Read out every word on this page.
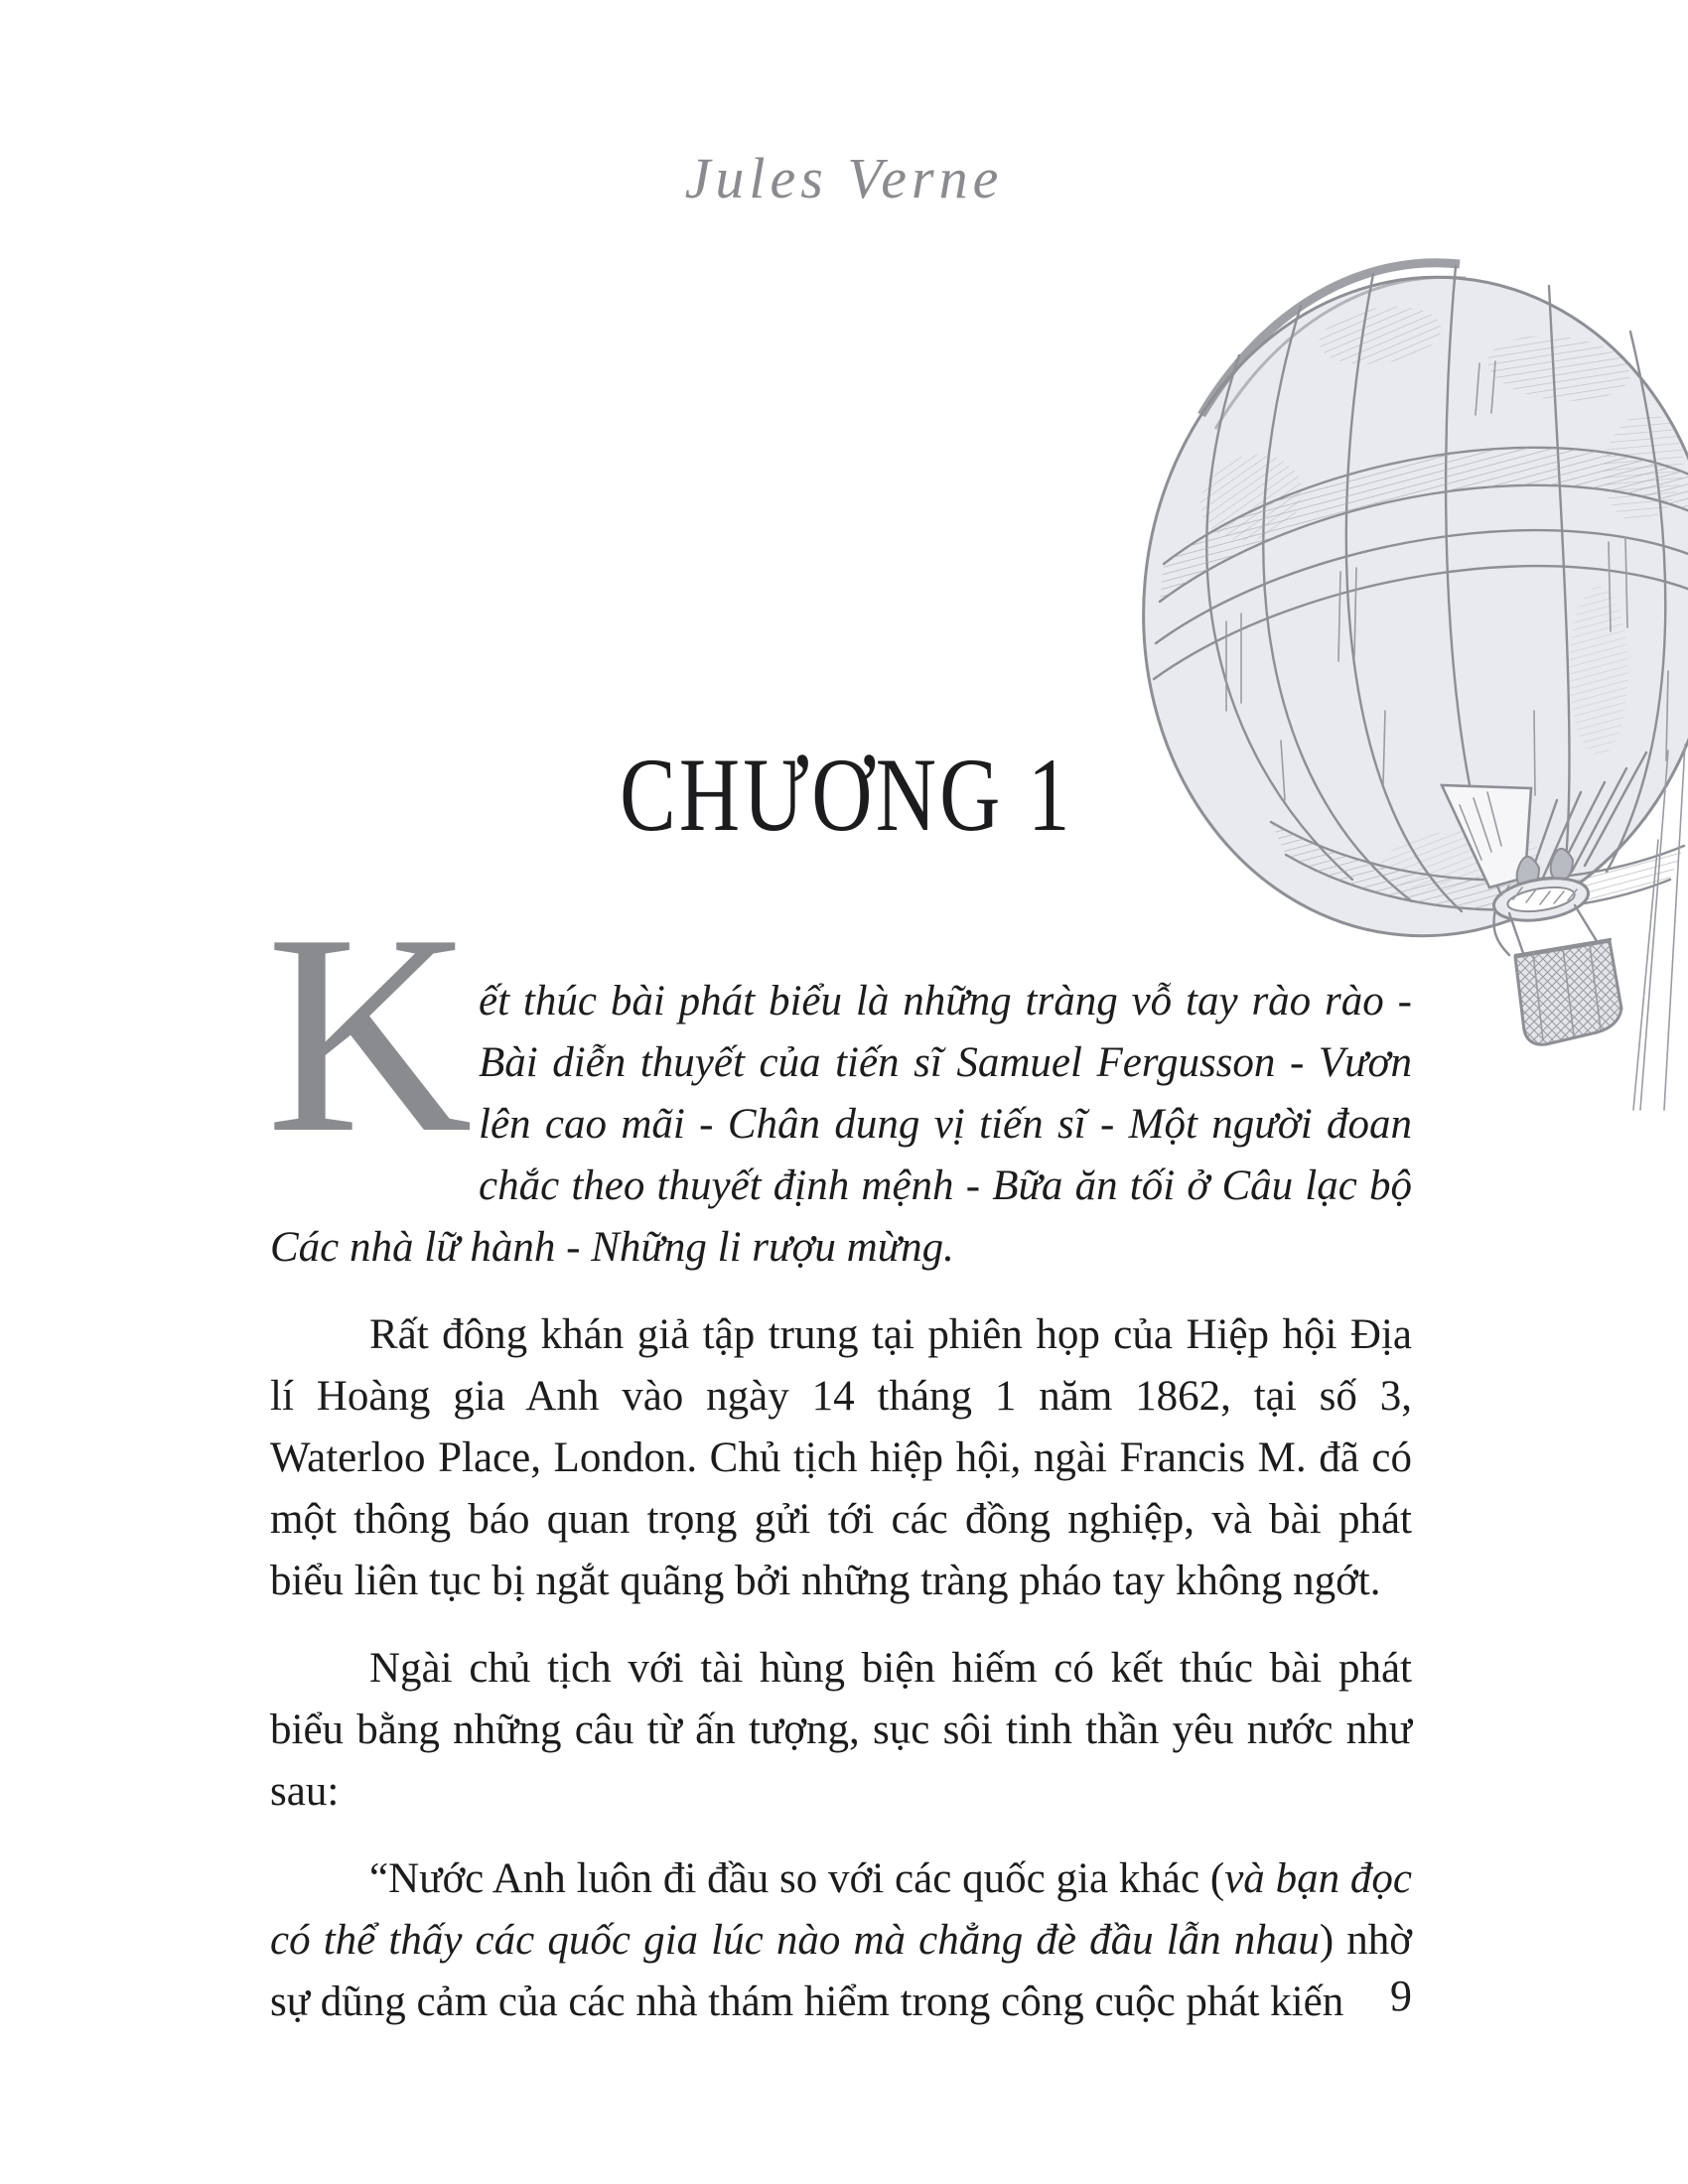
Jules Verne
CHƯƠNG 1
K ết thúc bài phát biểu là những tràng vỗ tay rào rào - Bài diễn thuyết của tiến sĩ Samuel Fergusson - Vươn lên cao mãi - Chân dung vị tiến sĩ - Một người đoan chắc theo thuyết định mệnh - Bữa ăn tối ở Câu lạc bộ Các nhà lữ hành - Những li rượu mừng.

Rất đông khán giả tập trung tại phiên họp của Hiệp hội Địa lí Hoàng gia Anh vào ngày 14 tháng 1 năm 1862, tại số 3, Waterloo Place, London. Chủ tịch hiệp hội, ngài Francis M. đã có một thông báo quan trọng gửi tới các đồng nghiệp, và bài phát biểu liên tục bị ngắt quãng bởi những tràng pháo tay không ngớt.

Ngài chủ tịch với tài hùng biện hiếm có kết thúc bài phát biểu bằng những câu từ ấn tượng, sục sôi tinh thần yêu nước như sau:

“Nước Anh luôn đi đầu so với các quốc gia khác (và bạn đọc có thể thấy các quốc gia lúc nào mà chẳng đè đầu lẫn nhau) nhờ sự dũng cảm của các nhà thám hiểm trong công cuộc phát kiến	9
